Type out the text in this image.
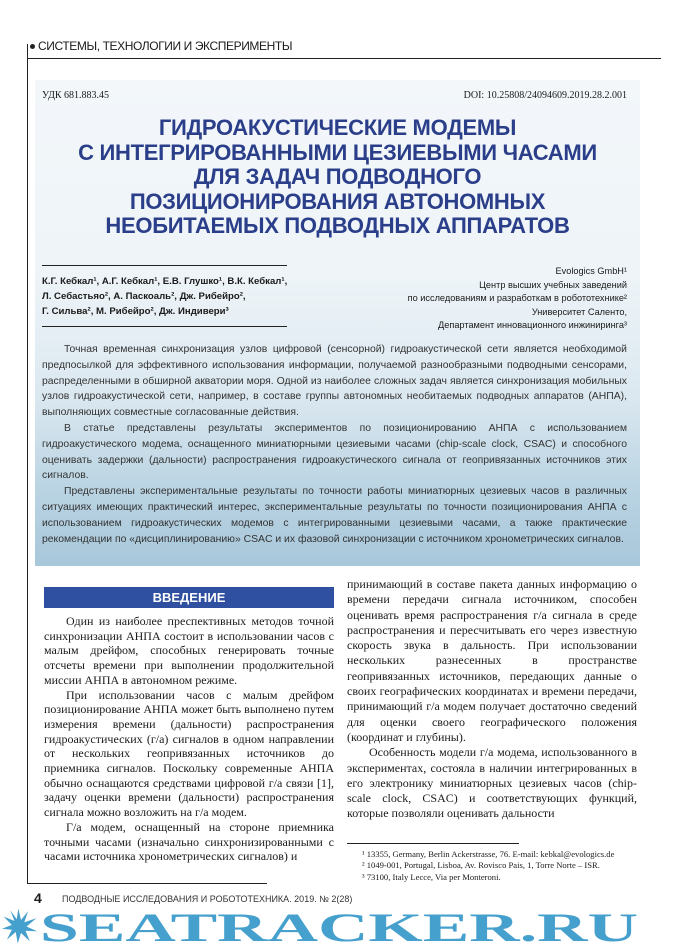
СИСТЕМЫ, ТЕХНОЛОГИИ И ЭКСПЕРИМЕНТЫ
УДК 681.883.45	DOI: 10.25808/24094609.2019.28.2.001
ГИДРОАКУСТИЧЕСКИЕ МОДЕМЫ
С ИНТЕГРИРОВАННЫМИ ЦЕЗИЕВЫМИ ЧАСАМИ
ДЛЯ ЗАДАЧ ПОДВОДНОГО
ПОЗИЦИОНИРОВАНИЯ АВТОНОМНЫХ
НЕОБИТАЕМЫХ ПОДВОДНЫХ АППАРАТОВ
К.Г. Кебкал¹, А.Г. Кебкал¹, Е.В. Глушко¹, В.К. Кебкал¹,
Л. Себастьяо², А. Паскоаль², Дж. Рибейро²,
Г. Сильва², М. Рибейро², Дж. Индивери³
Evologics GmbH¹
Центр высших учебных заведений
по исследованиям и разработкам в робототехнике²
Университет Саленто,
Департамент инновационного инжиниринга³

Точная временная синхронизация узлов цифровой (сенсорной) гидроакустической сети является необходимой предпосылкой для эффективного использования информации, получаемой разнообразными подводными сенсорами, распределенными в обширной акватории моря. Одной из наиболее сложных задач является синхронизация мобильных узлов гидроакустической сети, например, в составе группы автономных необитаемых подводных аппаратов (АНПА), выполняющих совместные согласованные действия.

В статье представлены результаты экспериментов по позиционированию АНПА с использованием гидроакустического модема, оснащенного миниатюрными цезиевыми часами (chip-scale clock, CSAC) и способного оценивать задержки (дальности) распространения гидроакустического сигнала от геопривязанных источников этих сигналов.

Представлены экспериментальные результаты по точности работы миниатюрных цезиевых часов в различных ситуациях имеющих практический интерес, экспериментальные результаты по точности позиционирования АНПА с использованием гидроакустических модемов с интегрированными цезиевыми часами, а также практические рекомендации по «дисциплинированию» CSAC и их фазовой синхронизации с источником хронометрических сигналов.

ВВЕДЕНИЕ

Один из наиболее преспективных методов точной синхронизации АНПА состоит в использовании часов с малым дрейфом, способных генерировать точные отсчеты времени при выполнении продолжительной миссии АНПА в автономном режиме.

При использовании часов с малым дрейфом позиционирование АНПА может быть выполнено путем измерения времени (дальности) распространения гидроакустических (г/а) сигналов в одном направлении от нескольких геопривязанных источников до приемника сигналов. Поскольку современные АНПА обычно оснащаются средствами цифровой г/а связи [1], задачу оценки времени (дальности) распространения сигнала можно возложить на г/а модем.

Г/а модем, оснащенный на стороне приемника точными часами (изначально синхронизированными с часами источника хронометрических сигналов) и

принимающий в составе пакета данных информацию о времени передачи сигнала источником, способен оценивать время распространения г/а сигнала в среде распространения и пересчитывать его через известную скорость звука в дальность. При использовании нескольких разнесенных в пространстве геопривязанных источников, передающих данные о своих географических координатах и времени передачи, принимающий г/а модем получает достаточно сведений для оценки своего географического положения (координат и глубины).

Особенность модели г/а модема, использованного в экспериментах, состояла в наличии интегрированных в его электронику миниатюрных цезиевых часов (chip-scale clock, CSAC) и соответствующих функций, которые позволяли оценивать дальности

¹ 13355, Germany, Berlin Ackerstrasse, 76. E-mail: kebkal@evologics.de
² 1049-001, Portugal, Lisboa, Av. Rovisco Pais, 1, Torre Norte – ISR.
³ 73100, Italy Lecce, Via per Monteroni.
4 ПОДВОДНЫЕ ИССЛЕДОВАНИЯ И РОБОТОТЕХНИКА. 2019. № 2(28)
SEATRACKER.RU
